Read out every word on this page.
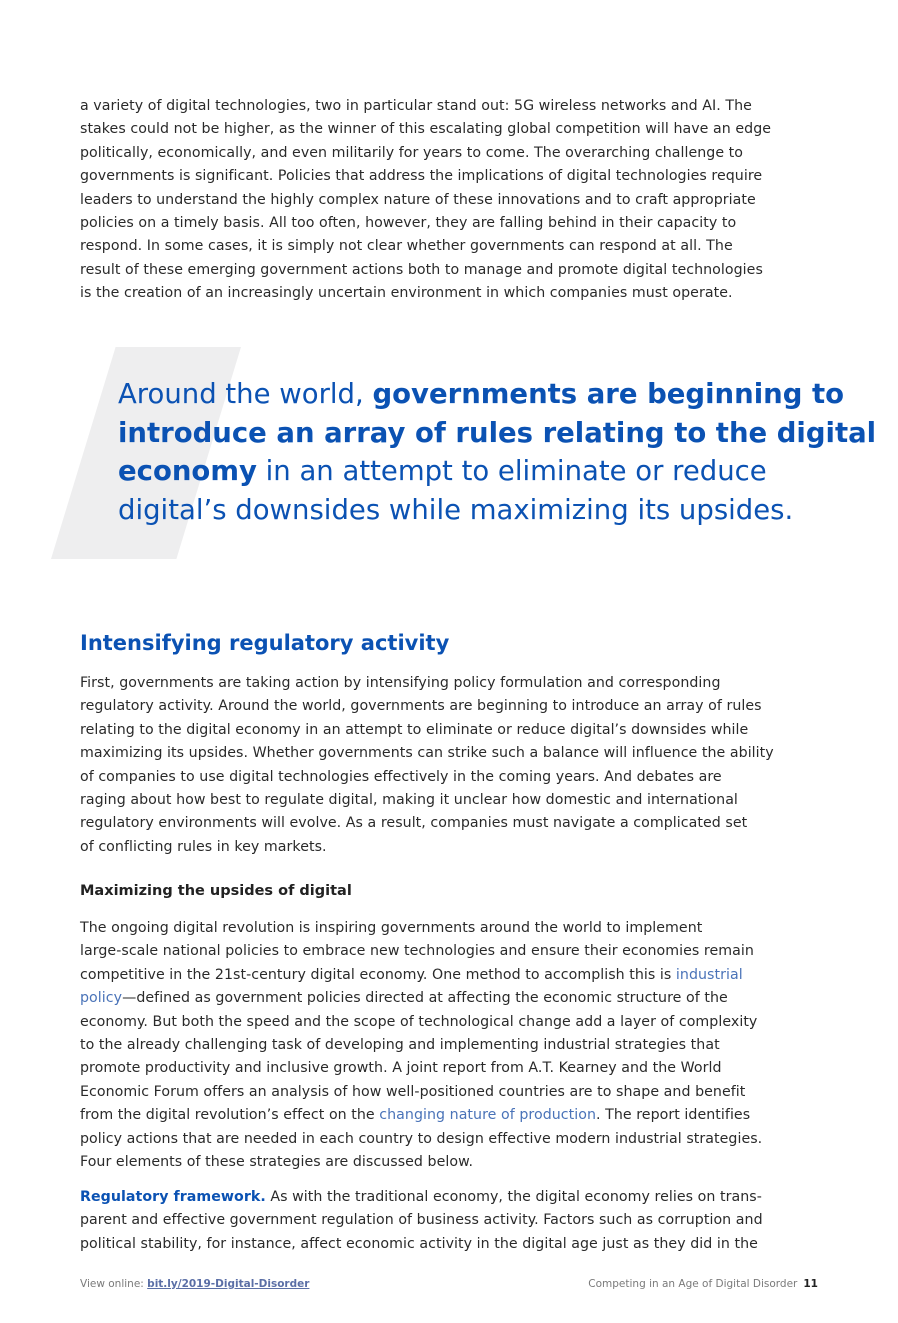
a variety of digital technologies, two in particular stand out: 5G wireless networks and AI. The
stakes could not be higher, as the winner of this escalating global competition will have an edge
politically, economically, and even militarily for years to come. The overarching challenge to
governments is significant. Policies that address the implications of digital technologies require
leaders to understand the highly complex nature of these innovations and to craft appropriate
policies on a timely basis. All too often, however, they are falling behind in their capacity to
respond. In some cases, it is simply not clear whether governments can respond at all. The
result of these emerging government actions both to manage and promote digital technologies
is the creation of an increasingly uncertain environment in which companies must operate.

Around the world, governments are beginning to
introduce an array of rules relating to the digital
economy in an attempt to eliminate or reduce
digital’s downsides while maximizing its upsides.

Intensifying regulatory activity
First, governments are taking action by intensifying policy formulation and corresponding
regulatory activity. Around the world, governments are beginning to introduce an array of rules
relating to the digital economy in an attempt to eliminate or reduce digital’s downsides while
maximizing its upsides. Whether governments can strike such a balance will influence the ability
of companies to use digital technologies effectively in the coming years. And debates are
raging about how best to regulate digital, making it unclear how domestic and international
regulatory environments will evolve. As a result, companies must navigate a complicated set
of conflicting rules in key markets.
Maximizing the upsides of digital
The ongoing digital revolution is inspiring governments around the world to implement
large-scale national policies to embrace new technologies and ensure their economies remain
competitive in the 21st-century digital economy. One method to accomplish this is industrial
policy—defined as government policies directed at affecting the economic structure of the
economy. But both the speed and the scope of technological change add a layer of complexity
to the already challenging task of developing and implementing industrial strategies that
promote productivity and inclusive growth. A joint report from A.T. Kearney and the World
Economic Forum offers an analysis of how well-positioned countries are to shape and benefit
from the digital revolution’s effect on the changing nature of production. The report identifies
policy actions that are needed in each country to design effective modern industrial strategies.
Four elements of these strategies are discussed below.
Regulatory framework. As with the traditional economy, the digital economy relies on trans-
parent and effective government regulation of business activity. Factors such as corruption and
political stability, for instance, affect economic activity in the digital age just as they did in the
View online: bit.ly/2019-Digital-Disorder	Competing in an Age of Digital Disorder 11
